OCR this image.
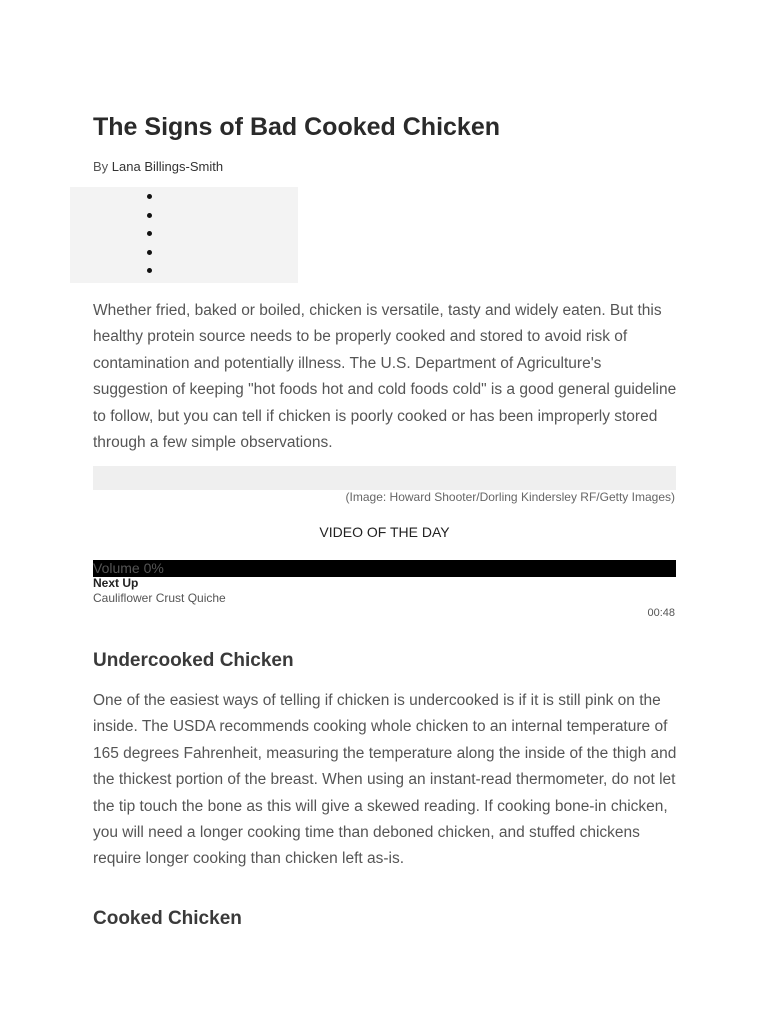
The Signs of Bad Cooked Chicken
By Lana Billings-Smith

Whether fried, baked or boiled, chicken is versatile, tasty and widely eaten. But this healthy protein source needs to be properly cooked and stored to avoid risk of contamination and potentially illness. The U.S. Department of Agriculture's suggestion of keeping "hot foods hot and cold foods cold" is a good general guideline to follow, but you can tell if chicken is poorly cooked or has been improperly stored through a few simple observations.

(Image: Howard Shooter/Dorling Kindersley RF/Getty Images)
VIDEO OF THE DAY
Volume 0%
Next Up
Cauliflower Crust Quiche
00:48
Undercooked Chicken

One of the easiest ways of telling if chicken is undercooked is if it is still pink on the inside. The USDA recommends cooking whole chicken to an internal temperature of 165 degrees Fahrenheit, measuring the temperature along the inside of the thigh and the thickest portion of the breast. When using an instant-read thermometer, do not let the tip touch the bone as this will give a skewed reading. If cooking bone-in chicken, you will need a longer cooking time than deboned chicken, and stuffed chickens require longer cooking than chicken left as-is.

Cooked Chicken
